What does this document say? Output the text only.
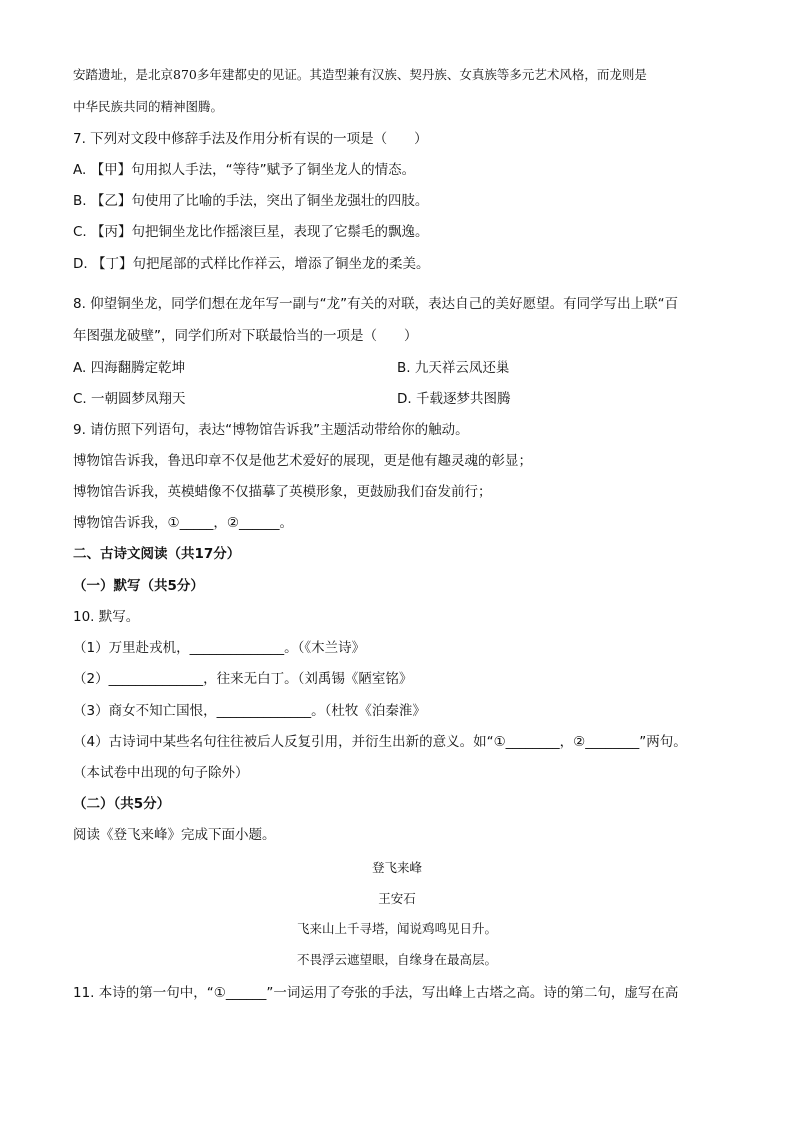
安踏遗址，是北京870多年建都史的见证。其造型兼有汉族、契丹族、女真族等多元艺术风格，而龙则是
中华民族共同的精神图腾。
7. 下列对文段中修辞手法及作用分析有误的一项是（　　）
A. 【甲】句用拟人手法，“等待”赋予了铜坐龙人的情态。
B. 【乙】句使用了比喻的手法，突出了铜坐龙强壮的四肢。
C. 【丙】句把铜坐龙比作摇滚巨星，表现了它鬃毛的飘逸。
D. 【丁】句把尾部的式样比作祥云，增添了铜坐龙的柔美。
8. 仰望铜坐龙，同学们想在龙年写一副与“龙”有关的对联，表达自己的美好愿望。有同学写出上联“百
年图强龙破壁”，同学们所对下联最恰当的一项是（　　）
A. 四海翻腾定乾坤	B. 九天祥云凤还巢
C. 一朝圆梦凤翔天	D. 千载逐梦共图腾
9. 请仿照下列语句，表达“博物馆告诉我”主题活动带给你的触动。
博物馆告诉我，鲁迅印章不仅是他艺术爱好的展现，更是他有趣灵魂的彰显；
博物馆告诉我，英模蜡像不仅描摹了英模形象，更鼓励我们奋发前行；
博物馆告诉我，①_____，②______。
二、古诗文阅读（共17分）
（一）默写（共5分）
10. 默写。
（1）万里赴戎机，______________。（《木兰诗》
（2）______________，往来无白丁。（刘禹锡《陋室铭》
（3）商女不知亡国恨，______________。（杜牧《泊秦淮》
（4）古诗词中某些名句往往被后人反复引用，并衍生出新的意义。如“①________，②________”两句。
（本试卷中出现的句子除外）
（二）（共5分）
阅读《登飞来峰》完成下面小题。
登飞来峰
王安石
飞来山上千寻塔，闻说鸡鸣见日升。
不畏浮云遮望眼，自缘身在最高层。
11. 本诗的第一句中，“①______”一词运用了夸张的手法，写出峰上古塔之高。诗的第二句，虚写在高
